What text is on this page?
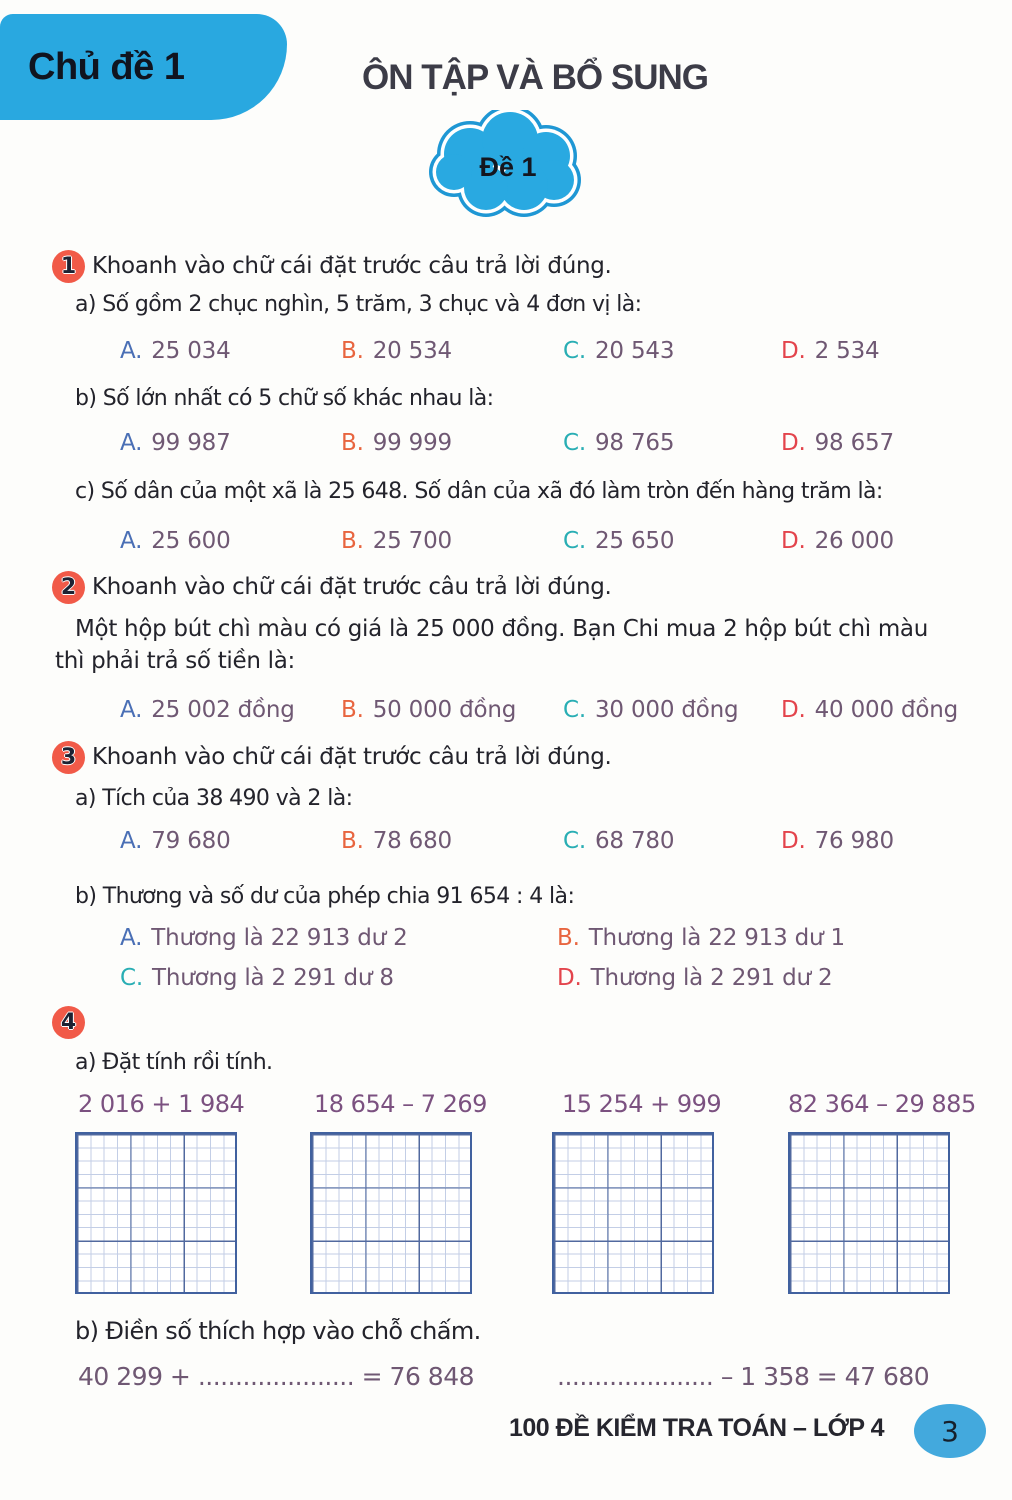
Chủ đề 1	ÔN TẬP VÀ BỔ SUNG
Đề 1
1 Khoanh vào chữ cái đặt trước câu trả lời đúng.
a) Số gồm 2 chục nghìn, 5 trăm, 3 chục và 4 đơn vị là:
A. 25 034	B. 20 534	C. 20 543	D. 2 534
b) Số lớn nhất có 5 chữ số khác nhau là:
A. 99 987	B. 99 999	C. 98 765	D. 98 657
c) Số dân của một xã là 25 648. Số dân của xã đó làm tròn đến hàng trăm là:
A. 25 600	B. 25 700	C. 25 650	D. 26 000
2 Khoanh vào chữ cái đặt trước câu trả lời đúng.
Một hộp bút chì màu có giá là 25 000 đồng. Bạn Chi mua 2 hộp bút chì màu
thì phải trả số tiền là:
A. 25 002 đồng B. 50 000 đồng C. 30 000 đồng D. 40 000 đồng
3 Khoanh vào chữ cái đặt trước câu trả lời đúng.
a) Tích của 38 490 và 2 là:
A. 79 680	B. 78 680	C. 68 780	D. 76 980
b) Thương và số dư của phép chia 91 654 : 4 là:
A. Thương là 22 913 dư 2	B. Thương là 22 913 dư 1
C. Thương là 2 291 dư 8	D. Thương là 2 291 dư 2
4
a) Đặt tính rồi tính.
2 016 + 1 984	18 654 – 7 269	15 254 + 999	82 364 – 29 885
b) Điền số thích hợp vào chỗ chấm.
40 299 + ..................... = 76 848	..................... – 1 358 = 47 680
100 ĐỀ KIỂM TRA TOÁN – LỚP 4	3
